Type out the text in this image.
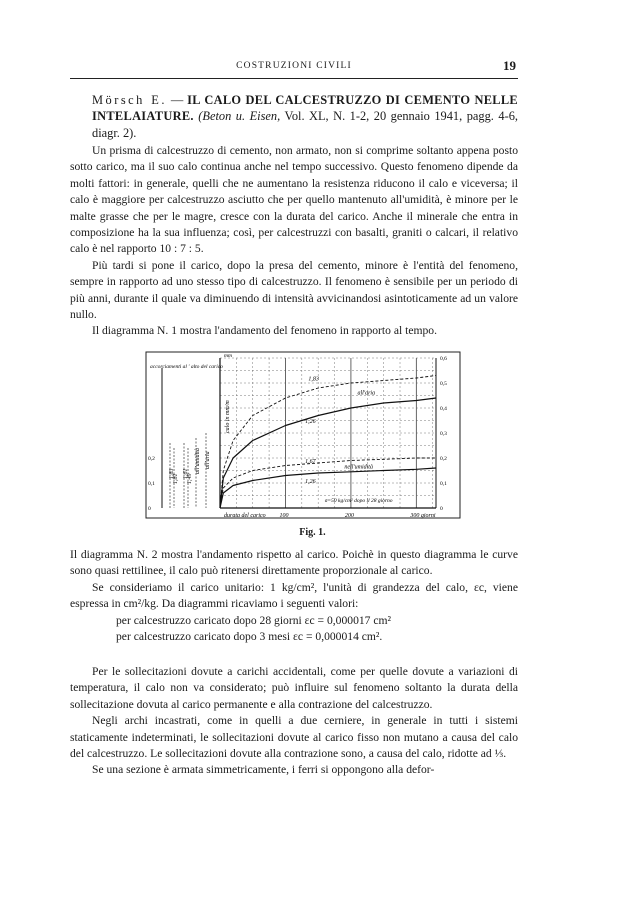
COSTRUZIONI CIVILI	19

Mörsch E. — IL CALO DEL CALCESTRUZZO DI CEMENTO NELLE INTELAIATURE. (Beton u. Eisen, Vol. XL, N. 1-2, 20 gennaio 1941, pagg. 4-6, diagr. 2).

Un prisma di calcestruzzo di cemento, non armato, non si comprime soltanto appena posto sotto carico, ma il suo calo continua anche nel tempo successivo. Questo fenomeno dipende da molti fattori: in generale, quelli che ne aumentano la resistenza riducono il calo e viceversa; il calo è maggiore per calcestruzzo asciutto che per quello mantenuto all'umidità, è minore per le malte grasse che per le magre, cresce con la durata del carico. Anche il minerale che entra in composizione ha la sua influenza; così, per calcestruzzi con basalti, graniti o calcari, il relativo calo è nel rapporto 10 : 7 : 5.

Più tardi si pone il carico, dopo la presa del cemento, minore è l'entità del fenomeno, sempre in rapporto ad uno stesso tipo di calcestruzzo. Il fenomeno è sensibile per un periodo di più anni, durante il quale va diminuendo di intensità avvicinandosi asintoticamente ad un valore nullo.

Il diagramma N. 1 mostra l'andamento del fenomeno in rapporto al tempo.

1,83
1,81 1,61
1,49
all'umidità all'aria
all'aria
1,26
1,83
nell'umidità
1,26
1,67
100	200	300 giorni
durata del carico
0,6
0,5
0,4
0,3
0,2
0,1
0
0,2
0,1
0
mm
calo in mm/m
accorciamenti al ' alto del carico
σ=50 kg/cm² dopo il 28 giorno
Fig. 1.

Il diagramma N. 2 mostra l'andamento rispetto al carico. Poichè in questo diagramma le curve sono quasi rettilinee, il calo può ritenersi direttamente proporzionale al carico.

Se consideriamo il carico unitario: 1 kg/cm², l'unità di grandezza del calo, εc, viene espressa in cm²/kg. Da diagrammi ricaviamo i seguenti valori:

per calcestruzzo caricato dopo 28 giorni εc = 0,000017 cm²

per calcestruzzo caricato dopo 3 mesi εc = 0,000014 cm².

Per le sollecitazioni dovute a carichi accidentali, come per quelle dovute a variazioni di temperatura, il calo non va considerato; può influire sul fenomeno soltanto la durata della sollecitazione dovuta al carico permanente e alla contrazione del calcestruzzo.

Negli archi incastrati, come in quelli a due cerniere, in generale in tutti i sistemi staticamente indeterminati, le sollecitazioni dovute al carico fisso non mutano a causa del calo del calcestruzzo. Le sollecitazioni dovute alla contrazione sono, a causa del calo, ridotte ad ⅓.

Se una sezione è armata simmetricamente, i ferri si oppongono alla defor-
